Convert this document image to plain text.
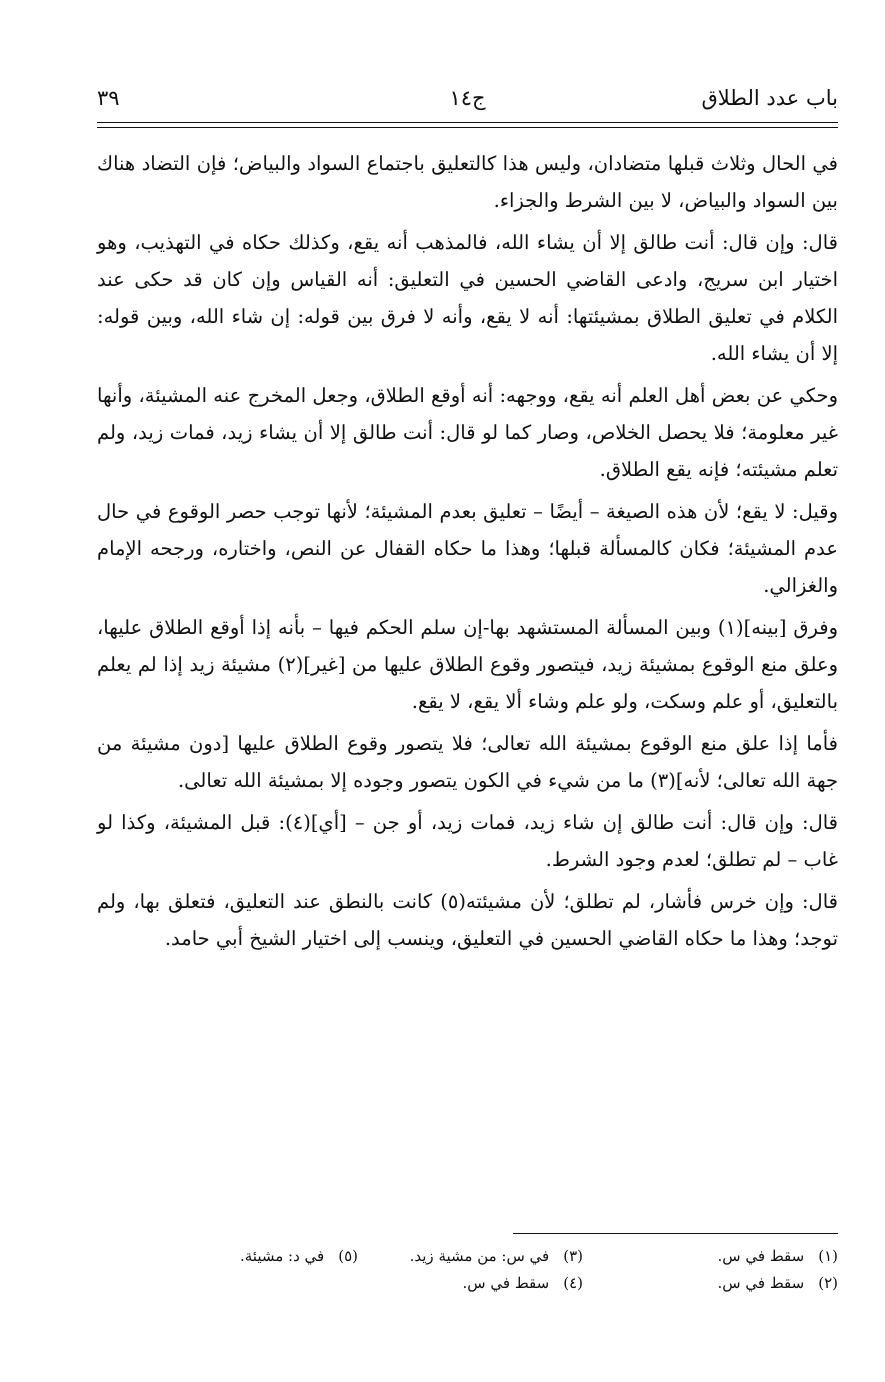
باب عدد الطلاق
ج١٤
٣٩

في الحال وثلاث قبلها متضادان، وليس هذا كالتعليق باجتماع السواد والبياض؛ فإن التضاد هناك بين السواد والبياض، لا بين الشرط والجزاء.

قال: وإن قال: أنت طالق إلا أن يشاء الله، فالمذهب أنه يقع، وكذلك حكاه في التهذيب، وهو اختيار ابن سريج، وادعى القاضي الحسين في التعليق: أنه القياس وإن كان قد حكى عند الكلام في تعليق الطلاق بمشيئتها: أنه لا يقع، وأنه لا فرق بين قوله: إن شاء الله، وبين قوله: إلا أن يشاء الله.

وحكي عن بعض أهل العلم أنه يقع، ووجهه: أنه أوقع الطلاق، وجعل المخرج عنه المشيئة، وأنها غير معلومة؛ فلا يحصل الخلاص، وصار كما لو قال: أنت طالق إلا أن يشاء زيد، فمات زيد، ولم تعلم مشيئته؛ فإنه يقع الطلاق.

وقيل: لا يقع؛ لأن هذه الصيغة – أيضًا – تعليق بعدم المشيئة؛ لأنها توجب حصر الوقوع في حال عدم المشيئة؛ فكان كالمسألة قبلها؛ وهذا ما حكاه القفال عن النص، واختاره، ورجحه الإمام والغزالي.

وفرق [بينه](١) وبين المسألة المستشهد بها-إن سلم الحكم فيها – بأنه إذا أوقع الطلاق عليها، وعلق منع الوقوع بمشيئة زيد، فيتصور وقوع الطلاق عليها من [غير](٢) مشيئة زيد إذا لم يعلم بالتعليق، أو علم وسكت، ولو علم وشاء ألا يقع، لا يقع.

فأما إذا علق منع الوقوع بمشيئة الله تعالى؛ فلا يتصور وقوع الطلاق عليها [دون مشيئة من جهة الله تعالى؛ لأنه](٣) ما من شيء في الكون يتصور وجوده إلا بمشيئة الله تعالى.

قال: وإن قال: أنت طالق إن شاء زيد، فمات زيد، أو جن – [أي](٤): قبل المشيئة، وكذا لو غاب – لم تطلق؛ لعدم وجود الشرط.

قال: وإن خرس فأشار، لم تطلق؛ لأن مشيئته(٥) كانت بالنطق عند التعليق، فتعلق بها، ولم توجد؛ وهذا ما حكاه القاضي الحسين في التعليق، وينسب إلى اختيار الشيخ أبي حامد.

(١)سقط في س.
(٣)في س: من مشية زيد.
(٥)في د: مشيئة.
(٢)سقط في س.
(٤)سقط في س.
